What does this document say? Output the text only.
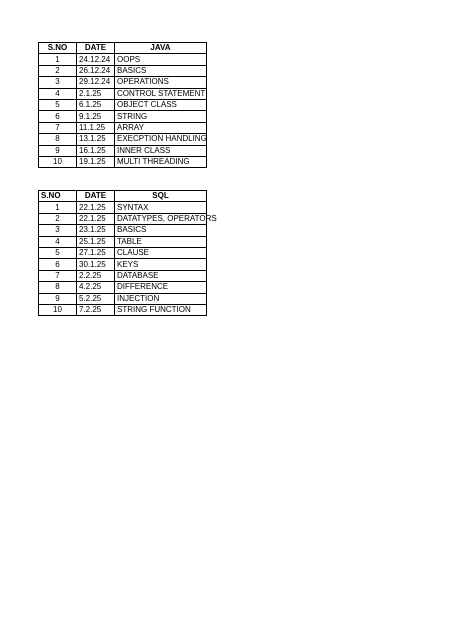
S.NO	DATE	JAVA
1	24.12.24	OOPS
2	26.12.24	BASICS
3	29.12.24	OPERATIONS
4	2.1.25	CONTROL STATEMENT
5	6.1.25	OBJECT CLASS
6	9.1.25	STRING
7	11.1.25	ARRAY
8	13.1.25	EXECPTION HANDLING
9	16.1.25	INNER CLASS
10	19.1.25	MULTI THREADING
S.NO	DATE	SQL
1	22.1.25	SYNTAX
2	22.1.25	DATATYPES, OPERATORS
3	23.1.25	BASICS
4	25.1.25	TABLE
5	27.1.25	CLAUSE
6	30.1.25	KEYS
7	2.2.25	DATABASE
8	4.2.25	DIFFERENCE
9	5.2.25	INJECTION
10	7.2.25	STRING FUNCTION
